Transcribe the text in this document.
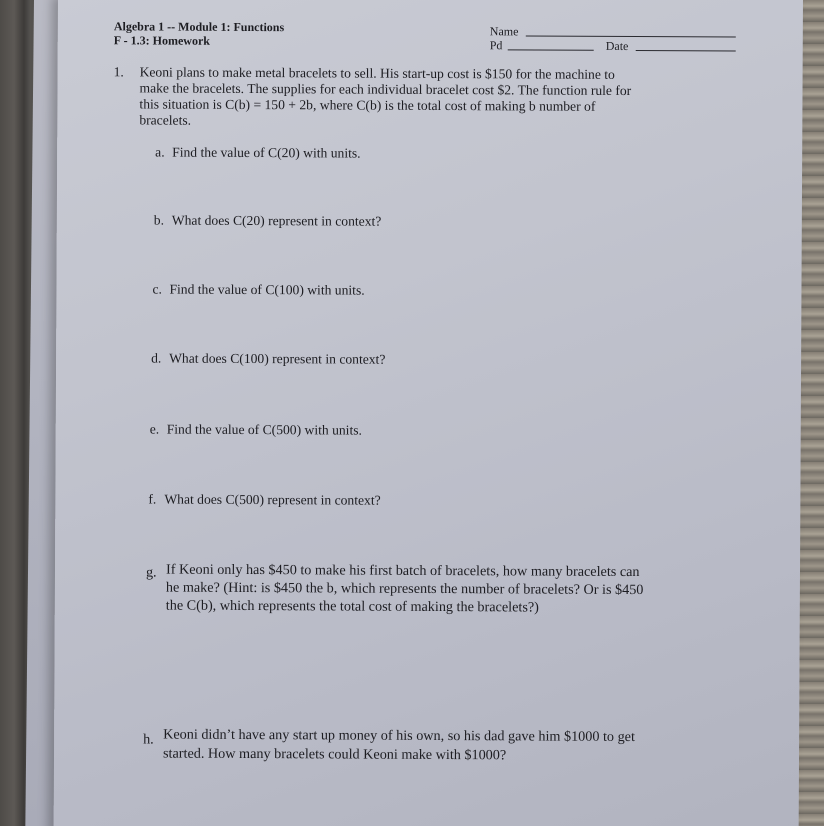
Algebra 1 -- Module 1: Functions
F - 1.3: Homework
Name
Pd	Date
1. Keoni plans to make metal bracelets to sell. His start-up cost is $150 for the machine to
make the bracelets. The supplies for each individual bracelet cost $2. The function rule for
this situation is C(b) = 150 + 2b, where C(b) is the total cost of making b number of
bracelets.
a. Find the value of C(20) with units.
b. What does C(20) represent in context?
c. Find the value of C(100) with units.
d. What does C(100) represent in context?
e. Find the value of C(500) with units.
f. What does C(500) represent in context?
g. If Keoni only has $450 to make his first batch of bracelets, how many bracelets can
he make? (Hint: is $450 the b, which represents the number of bracelets? Or is $450
the C(b), which represents the total cost of making the bracelets?)
h. Keoni didn’t have any start up money of his own, so his dad gave him $1000 to get
started. How many bracelets could Keoni make with $1000?
